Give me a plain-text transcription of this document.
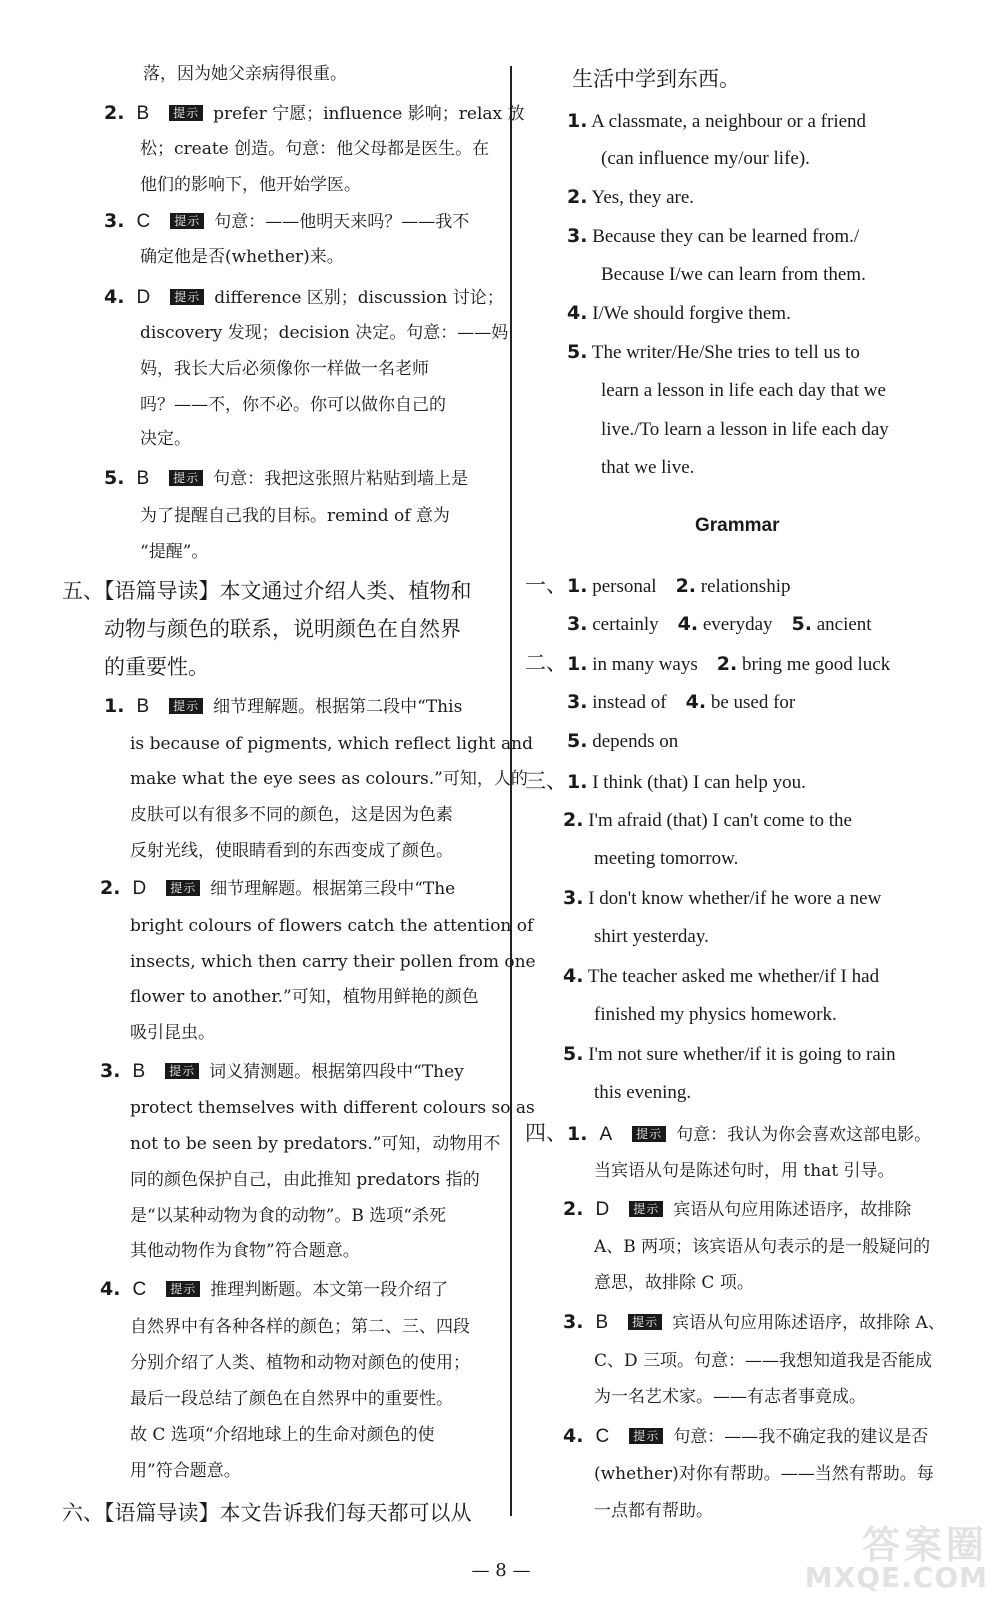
落，因为她父亲病得很重。
2. B 提示 prefer 宁愿；influence 影响；relax 放
松；create 创造。句意：他父母都是医生。在
他们的影响下，他开始学医。
3. C 提示 句意：——他明天来吗？——我不
确定他是否(whether)来。
4. D 提示 difference 区别；discussion 讨论；
discovery 发现；decision 决定。句意：——妈
妈，我长大后必须像你一样做一名老师
吗？——不，你不必。你可以做你自己的
决定。
5. B 提示 句意：我把这张照片粘贴到墙上是
为了提醒自己我的目标。remind of 意为
“提醒”。
五、【语篇导读】本文通过介绍人类、植物和
动物与颜色的联系，说明颜色在自然界
的重要性。
1. B 提示 细节理解题。根据第二段中“This
is because of pigments, which reflect light and
make what the eye sees as colours.”可知，人的
皮肤可以有很多不同的颜色，这是因为色素
反射光线，使眼睛看到的东西变成了颜色。
2. D 提示 细节理解题。根据第三段中“The
bright colours of flowers catch the attention of
insects, which then carry their pollen from one
flower to another.”可知，植物用鲜艳的颜色
吸引昆虫。
3. B 提示 词义猜测题。根据第四段中“They
protect themselves with different colours so as
not to be seen by predators.”可知，动物用不
同的颜色保护自己，由此推知 predators 指的
是“以某种动物为食的动物”。B 选项“杀死
其他动物作为食物”符合题意。
4. C 提示 推理判断题。本文第一段介绍了
自然界中有各种各样的颜色；第二、三、四段
分别介绍了人类、植物和动物对颜色的使用；
最后一段总结了颜色在自然界中的重要性。
故 C 选项“介绍地球上的生命对颜色的使
用”符合题意。
六、【语篇导读】本文告诉我们每天都可以从
生活中学到东西。
1. A classmate, a neighbour or a friend
(can influence my/our life).
2. Yes, they are.
3. Because they can be learned from./
Because I/we can learn from them.
4. I/We should forgive them.
5. The writer/He/She tries to tell us to
learn a lesson in life each day that we
live./To learn a lesson in life each day
that we live.
Grammar
一、1. personal 2. relationship
3. certainly 4. everyday 5. ancient
二、1. in many ways 2. bring me good luck
3. instead of 4. be used for
5. depends on
三、1. I think (that) I can help you.
2. I'm afraid (that) I can't come to the
meeting tomorrow.
3. I don't know whether/if he wore a new
shirt yesterday.
4. The teacher asked me whether/if I had
finished my physics homework.
5. I'm not sure whether/if it is going to rain
this evening.
四、1. A 提示 句意：我认为你会喜欢这部电影。
当宾语从句是陈述句时，用 that 引导。
2. D 提示 宾语从句应用陈述语序，故排除
A、B 两项；该宾语从句表示的是一般疑问的
意思，故排除 C 项。
3. B 提示 宾语从句应用陈述语序，故排除 A、
C、D 三项。句意：——我想知道我是否能成
为一名艺术家。——有志者事竟成。
4. C 提示 句意：——我不确定我的建议是否
(whether)对你有帮助。——当然有帮助。每
一点都有帮助。
— 8 —
答案圈
MXQE.COM
